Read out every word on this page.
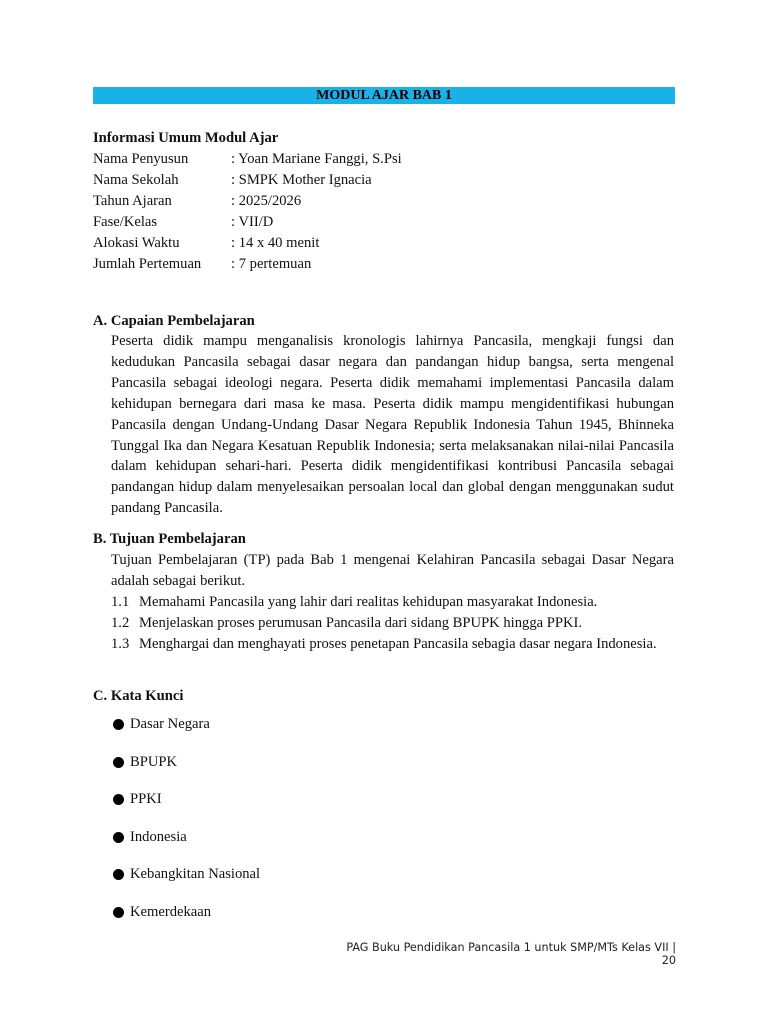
MODUL AJAR BAB 1
Informasi Umum Modul Ajar
Nama Penyusun	: Yoan Mariane Fanggi, S.Psi
Nama Sekolah	: SMPK Mother Ignacia
Tahun Ajaran	: 2025/2026
Fase/Kelas	: VII/D
Alokasi Waktu	: 14 x 40 menit
Jumlah Pertemuan	: 7 pertemuan
A. Capaian Pembelajaran

Peserta didik mampu menganalisis kronologis lahirnya Pancasila, mengkaji fungsi dan kedudukan Pancasila sebagai dasar negara dan pandangan hidup bangsa, serta mengenal Pancasila sebagai ideologi negara. Peserta didik memahami implementasi Pancasila dalam kehidupan bernegara dari masa ke masa. Peserta didik mampu mengidentifikasi hubungan Pancasila dengan Undang-Undang Dasar Negara Republik Indonesia Tahun 1945, Bhinneka Tunggal Ika dan Negara Kesatuan Republik Indonesia; serta melaksanakan nilai-nilai Pancasila dalam kehidupan sehari-hari. Peserta didik mengidentifikasi kontribusi Pancasila sebagai pandangan hidup dalam menyelesaikan persoalan local dan global dengan menggunakan sudut pandang Pancasila.

B. Tujuan Pembelajaran

Tujuan Pembelajaran (TP) pada Bab 1 mengenai Kelahiran Pancasila sebagai Dasar Negara adalah sebagai berikut.

1.1 Memahami Pancasila yang lahir dari realitas kehidupan masyarakat Indonesia.
1.2 Menjelaskan proses perumusan Pancasila dari sidang BPUPK hingga PPKI.
1.3 Menghargai dan menghayati proses penetapan Pancasila sebagia dasar negara Indonesia.
C. Kata Kunci
Dasar Negara
BPUPK
PPKI
Indonesia
Kebangkitan Nasional
Kemerdekaan
PAG Buku Pendidikan Pancasila 1 untuk SMP/MTs Kelas VII | 20
